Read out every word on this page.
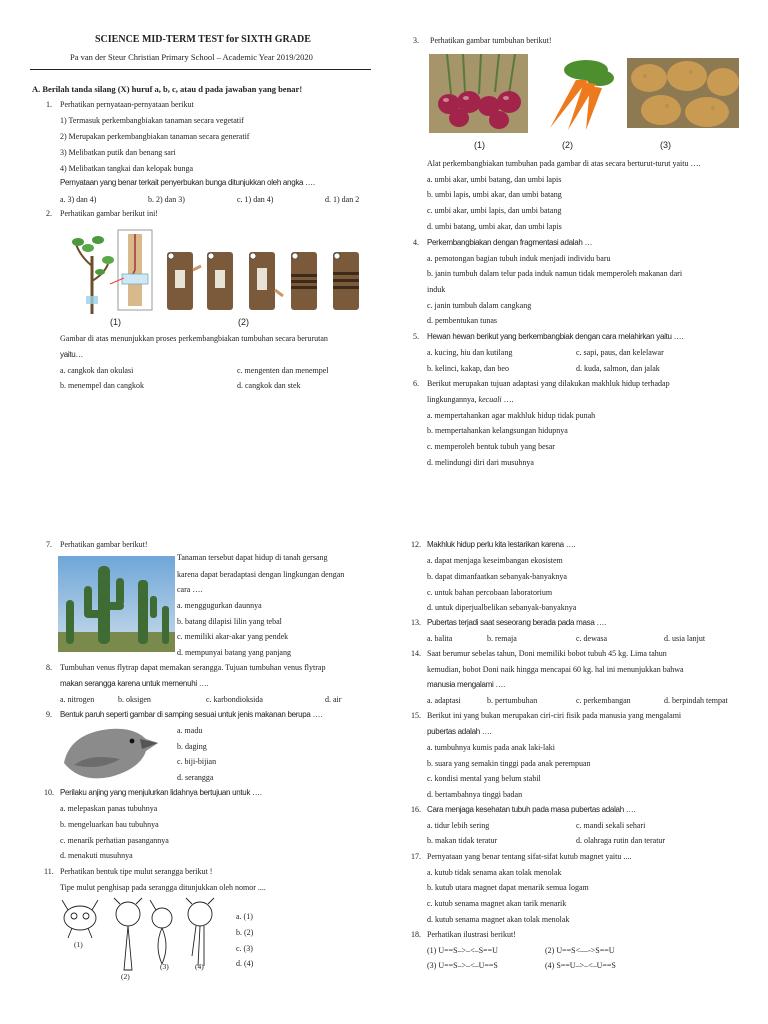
SCIENCE MID-TERM TEST for SIXTH GRADE
Pa van der Steur Christian Primary School – Academic Year 2019/2020
A. Berilah tanda silang (X) huruf a, b, c, atau d pada jawaban yang benar!
1. Perhatikan pernyataan-pernyataan berikut
1) Termasuk perkembangbiakan tanaman secara vegetatif
2) Merupakan perkembangbiakan tanaman secara generatif
3) Melibatkan putik dan benang sari
4) Melibatkan tangkai dan kelopak bunga
Pernyataan yang benar terkait penyerbukan bunga ditunjukkan oleh angka ….
a. 3) dan 4)	b. 2) dan 3)	c. 1) dan 4)	d. 1) dan 2
2. Perhatikan gambar berikut ini!
(1)	(2)
Gambar di atas menunjukkan proses perkembangbiakan tumbuhan secara berurutan
yaitu…
a. cangkok dan okulasi	c. mengenten dan menempel
b. menempel dan cangkok	d. cangkok dan stek
3. Perhatikan gambar tumbuhan berikut!
(1)	(2)	(3)
Alat perkembangbiakan tumbuhan pada gambar di atas secara berturut-turut yaitu ….
a. umbi akar, umbi batang, dan umbi lapis
b. umbi lapis, umbi akar, dan umbi batang
c. umbi akar, umbi lapis, dan umbi batang
d. umbi batang, umbi akar, dan umbi lapis
4. Perkembangbiakan dengan fragmentasi adalah …
a. pemotongan bagian tubuh induk menjadi individu baru
b. janin tumbuh dalam telur pada induk namun tidak memperoleh makanan dari
induk
c. janin tumbuh dalam cangkang
d. pembentukan tunas
5. Hewan hewan berikut yang berkembangbiak dengan cara melahirkan yaitu ….
a. kucing, hiu dan kutilang	c. sapi, paus, dan kelelawar
b. kelinci, kakap, dan beo	d. kuda, salmon, dan jalak
6. Berikut merupakan tujuan adaptasi yang dilakukan makhluk hidup terhadap
lingkungannya, kecuali ….
a. mempertahankan agar makhluk hidup tidak punah
b. mempertahankan kelangsungan hidupnya
c. memperoleh bentuk tubuh yang besar
d. melindungi diri dari musuhnya
7. Perhatikan gambar berikut!
Tanaman tersebut dapat hidup di tanah gersang
karena dapat beradaptasi dengan lingkungan dengan
cara ….
a. menggugurkan daunnya
b. batang dilapisi lilin yang tebal
c. memiliki akar-akar yang pendek
d. mempunyai batang yang panjang
8. Tumbuhan venus flytrap dapat memakan serangga. Tujuan tumbuhan venus flytrap
makan serangga karena untuk memenuhi ….
a. nitrogen	b. oksigen	c. karbondioksida	d. air
9. Bentuk paruh seperti gambar di samping sesuai untuk jenis makanan berupa ….
a. madu
b. daging
c. biji-bijian
d. serangga
10. Perilaku anjing yang menjulurkan lidahnya bertujuan untuk ….
a. melepaskan panas tubuhnya
b. mengeluarkan bau tubuhnya
c. menarik perhatian pasangannya
d. menakuti musuhnya
11. Perhatikan bentuk tipe mulut serangga berikut !
Tipe mulut penghisap pada serangga ditunjukkan oleh nomor ....
(1)
(2)
(3)	(4)
a. (1)
b. (2)
c. (3)
d. (4)
12. Makhluk hidup perlu kita lestarikan karena ….
a. dapat menjaga keseimbangan ekosistem
b. dapat dimanfaatkan sebanyak-banyaknya
c. untuk bahan percobaan laboratorium
d. untuk diperjualbelikan sebanyak-banyaknya
13. Pubertas terjadi saat seseorang berada pada masa ….
a. balita	b. remaja	c. dewasa	d. usia lanjut
14. Saat berumur sebelas tahun, Doni memiliki bobot tubuh 45 kg. Lima tahun
kemudian, bobot Doni naik hingga mencapai 60 kg. hal ini menunjukkan bahwa
manusia mengalami ….
a. adaptasi	b. pertumbuhan	c. perkembangan	d. berpindah tempat
15. Berikut ini yang bukan merupakan ciri-ciri fisik pada manusia yang mengalami
pubertas adalah ….
a. tumbuhnya kumis pada anak laki-laki
b. suara yang semakin tinggi pada anak perempuan
c. kondisi mental yang belum stabil
d. bertambahnya tinggi badan
16. Cara menjaga kesehatan tubuh pada masa pubertas adalah ….
a. tidur lebih sering	c. mandi sekali sehari
b. makan tidak teratur	d. olahraga rutin dan teratur
17. Pernyataan yang benar tentang sifat-sifat kutub magnet yaitu ....
a. kutub tidak senama akan tolak menolak
b. kutub utara magnet dapat menarik semua logam
c. kutub senama magnet akan tarik menarik
d. kutub senama magnet akan tolak menolak
18. Perhatikan ilustrasi berikut!
(1) U==S–>–<–S==U	(2) U==S<—->S==U
(3) U==S–>–<–U==S	(4) S==U–>–<–U==S
